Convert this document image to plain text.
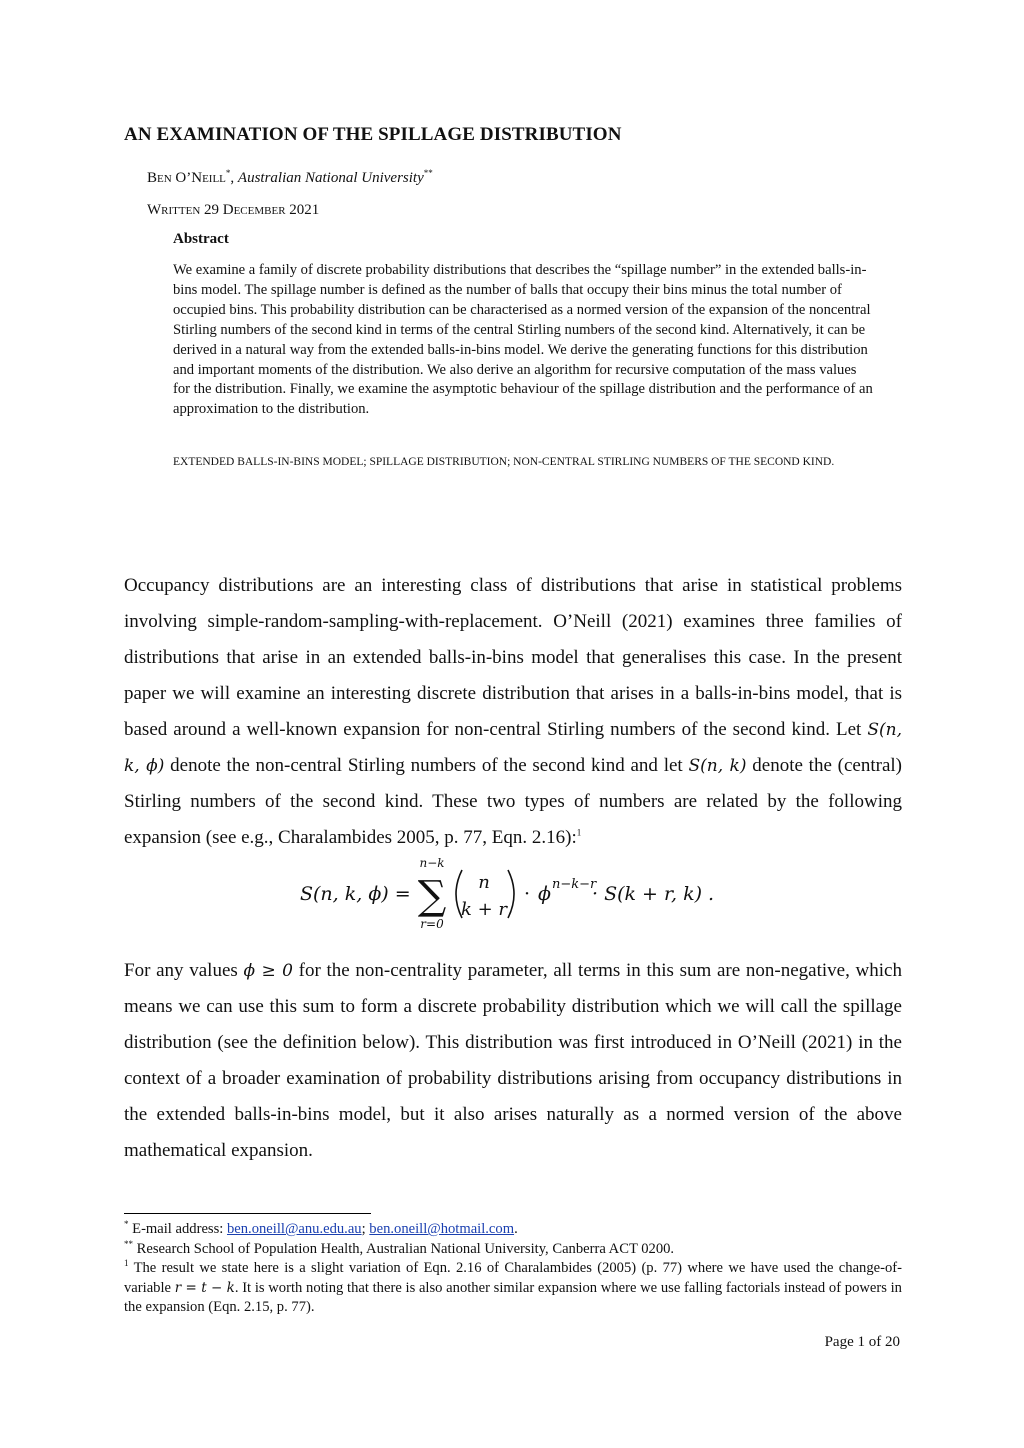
AN EXAMINATION OF THE SPILLAGE DISTRIBUTION
Ben O’Neill*, Australian National University**
Written 29 December 2021
Abstract

We examine a family of discrete probability distributions that describes the “spillage number” in the extended balls-in-bins model. The spillage number is defined as the number of balls that occupy their bins minus the total number of occupied bins. This probability distribution can be characterised as a normed version of the expansion of the noncentral Stirling numbers of the second kind in terms of the central Stirling numbers of the second kind. Alternatively, it can be derived in a natural way from the extended balls-in-bins model. We derive the generating functions for this distribution and important moments of the distribution. We also derive an algorithm for recursive computation of the mass values for the distribution. Finally, we examine the asymptotic behaviour of the spillage distribution and the performance of an approximation to the distribution.

EXTENDED BALLS-IN-BINS MODEL; SPILLAGE DISTRIBUTION; NON-CENTRAL STIRLING NUMBERS OF THE SECOND KIND.

Occupancy distributions are an interesting class of distributions that arise in statistical problems involving simple-random-sampling-with-replacement. O’Neill (2021) examines three families of distributions that arise in an extended balls-in-bins model that generalises this case. In the present paper we will examine an interesting discrete distribution that arises in a balls-in-bins model, that is based around a well-known expansion for non-central Stirling numbers of the second kind. Let S(n, k, ϕ) denote the non-central Stirling numbers of the second kind and let S(n, k) denote the (central) Stirling numbers of the second kind. These two types of numbers are related by the following expansion (see e.g., Charalambides 2005, p. 77, Eqn. 2.16):$^1$

S(n, k, ϕ) =
n−k
∑
r=0
n
k + r
· ϕ n−k−r
· S(k + r, k) .

For any values ϕ ≥ 0 for the non-centrality parameter, all terms in this sum are non-negative, which means we can use this sum to form a discrete probability distribution which we will call the spillage distribution (see the definition below). This distribution was first introduced in O’Neill (2021) in the context of a broader examination of probability distributions arising from occupancy distributions in the extended balls-in-bins model, but it also arises naturally as a normed version of the above mathematical expansion.

* E-mail address: ben.oneill@anu.edu.au; ben.oneill@hotmail.com.

** Research School of Population Health, Australian National University, Canberra ACT 0200.

$^1$ The result we state here is a slight variation of Eqn. 2.16 of Charalambides (2005) (p. 77) where we have used the change-of-variable r = t − k. It is worth noting that there is also another similar expansion where we use falling factorials instead of powers in the expansion (Eqn. 2.15, p. 77).

Page 1 of 20
